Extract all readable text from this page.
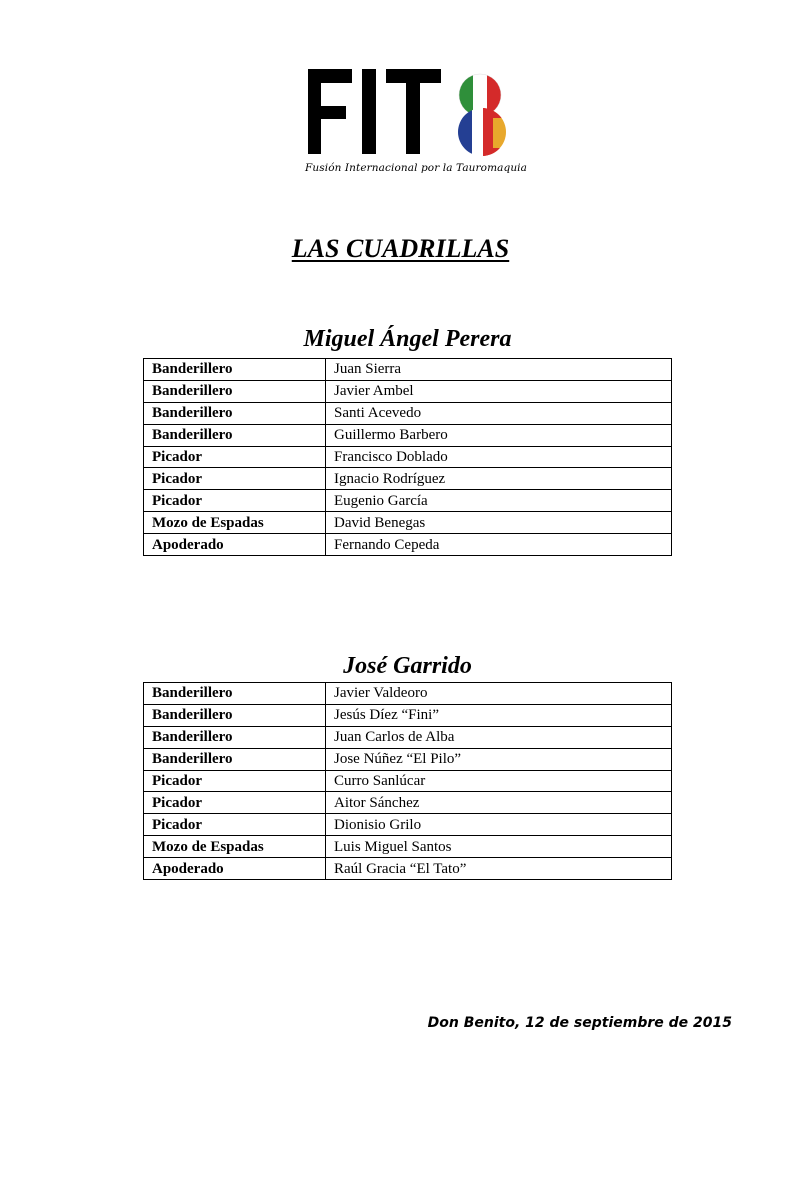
Fusión Internacional por la Tauromaquia
LAS CUADRILLAS
Miguel Ángel Perera
Banderillero	Juan Sierra
Banderillero	Javier Ambel
Banderillero	Santi Acevedo
Banderillero	Guillermo Barbero
Picador	Francisco Doblado
Picador	Ignacio Rodríguez
Picador	Eugenio García
Mozo de Espadas	David Benegas
Apoderado	Fernando Cepeda
José Garrido
Banderillero	Javier Valdeoro
Banderillero	Jesús Díez “Fini”
Banderillero	Juan Carlos de Alba
Banderillero	Jose Núñez “El Pilo”
Picador	Curro Sanlúcar
Picador	Aitor Sánchez
Picador	Dionisio Grilo
Mozo de Espadas	Luis Miguel Santos
Apoderado	Raúl Gracia “El Tato”
Don Benito, 12 de septiembre de 2015
